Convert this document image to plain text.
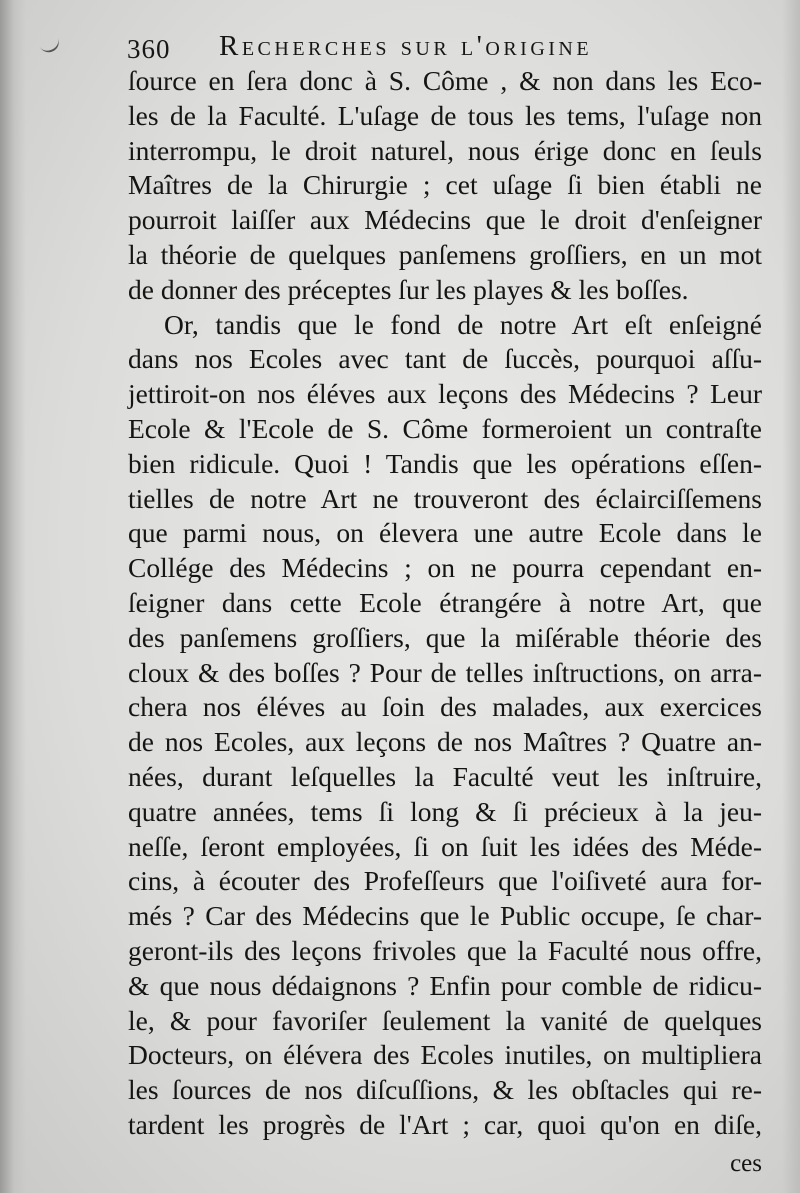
360 Recherches sur l'origine
ſource en ſera donc à S. Côme , & non dans les Eco-
les de la Faculté. L'uſage de tous les tems, l'uſage non
interrompu, le droit naturel, nous érige donc en ſeuls
Maîtres de la Chirurgie ; cet uſage ſi bien établi ne
pourroit laiſſer aux Médecins que le droit d'enſeigner
la théorie de quelques panſemens groſſiers, en un mot
de donner des préceptes ſur les playes & les boſſes.
Or, tandis que le fond de notre Art eſt enſeigné
dans nos Ecoles avec tant de ſuccès, pourquoi aſſu-
jettiroit-on nos éléves aux leçons des Médecins ? Leur
Ecole & l'Ecole de S. Côme formeroient un contraſte
bien ridicule. Quoi ! Tandis que les opérations eſſen-
tielles de notre Art ne trouveront des éclairciſſemens
que parmi nous, on élevera une autre Ecole dans le
Collége des Médecins ; on ne pourra cependant en-
ſeigner dans cette Ecole étrangére à notre Art, que
des panſemens groſſiers, que la miſérable théorie des
cloux & des boſſes ? Pour de telles inſtructions, on arra-
chera nos éléves au ſoin des malades, aux exercices
de nos Ecoles, aux leçons de nos Maîtres ? Quatre an-
nées, durant leſquelles la Faculté veut les inſtruire,
quatre années, tems ſi long & ſi précieux à la jeu-
neſſe, ſeront employées, ſi on ſuit les idées des Méde-
cins, à écouter des Profeſſeurs que l'oiſiveté aura for-
més ? Car des Médecins que le Public occupe, ſe char-
geront-ils des leçons frivoles que la Faculté nous offre,
& que nous dédaignons ? Enfin pour comble de ridicu-
le, & pour favoriſer ſeulement la vanité de quelques
Docteurs, on élévera des Ecoles inutiles, on multipliera
les ſources de nos diſcuſſions, & les obſtacles qui re-
tardent les progrès de l'Art ; car, quoi qu'on en diſe,
ces
